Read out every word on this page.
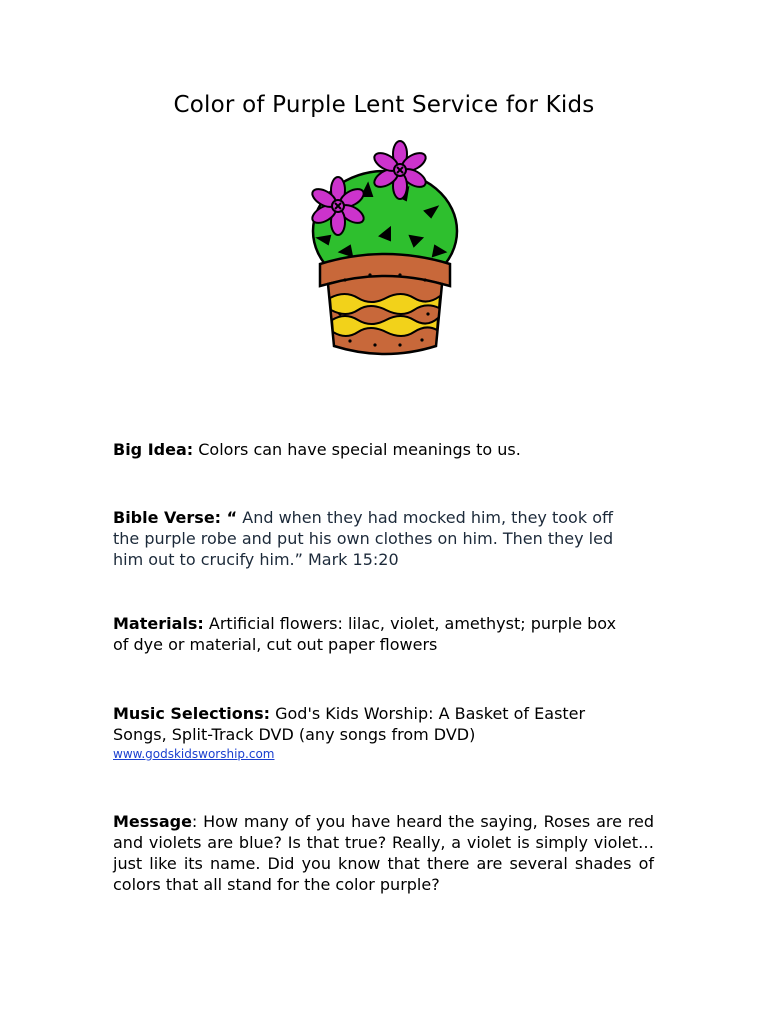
Color of Purple Lent Service for Kids

Big Idea: Colors can have special meanings to us.

Bible Verse: “ And when they had mocked him, they took off the purple robe and put his own clothes on him. Then they led him out to crucify him.” Mark 15:20

Materials: Artificial flowers: lilac, violet, amethyst; purple box of dye or material, cut out paper flowers

Music Selections: God's Kids Worship: A Basket of Easter Songs, Split-Track DVD (any songs from DVD)
www.godskidsworship.com

Message: How many of you have heard the saying, Roses are red and violets are blue? Is that true? Really, a violet is simply violet…just like its name. Did you know that there are several shades of colors that all stand for the color purple?
